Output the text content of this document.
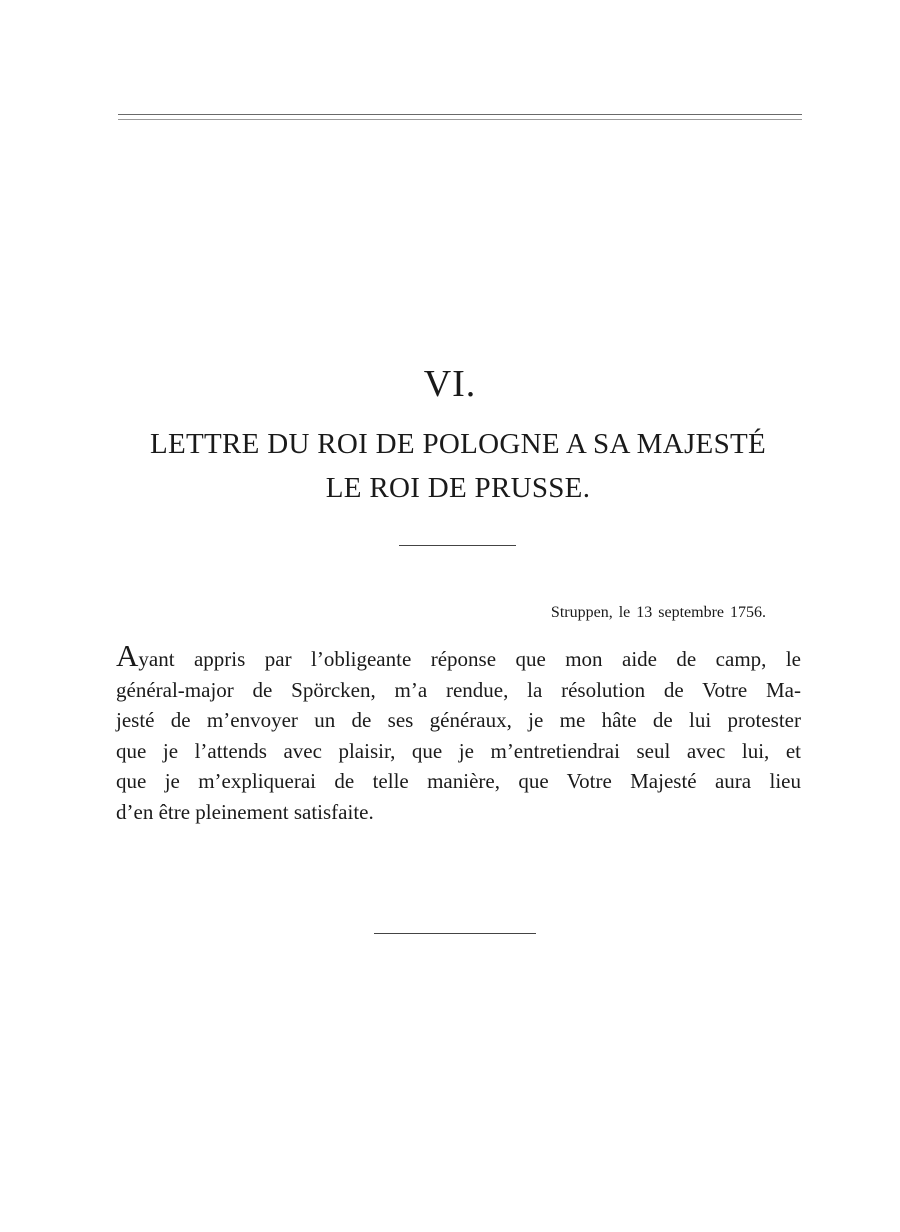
VI.
LETTRE DU ROI DE POLOGNE A SA MAJESTÉ
LE ROI DE PRUSSE.
Struppen, le 13 septembre 1756.
Ayant appris par l’obligeante réponse que mon aide de camp, le
général-major de Spörcken, m’a rendue, la résolution de Votre Ma-
jesté de m’envoyer un de ses généraux, je me hâte de lui protester
que je l’attends avec plaisir, que je m’entretiendrai seul avec lui, et
que je m’expliquerai de telle manière, que Votre Majesté aura lieu
d’en être pleinement satisfaite.
